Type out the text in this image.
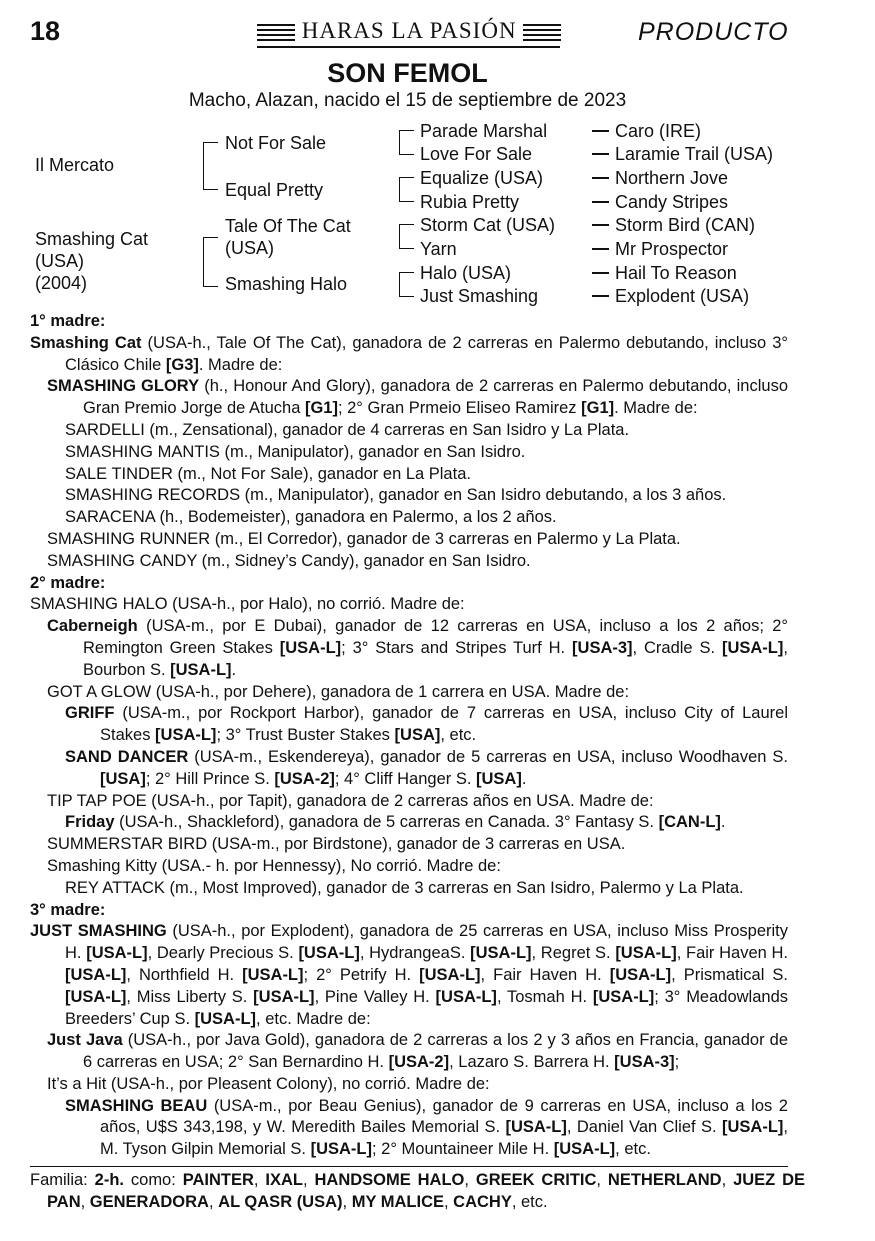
18	HARAS LA PASIÓN	PRODUCTO
SON FEMOL
Macho, Alazan, nacido el 15 de septiembre de 2023
Il Mercato
Smashing Cat
(USA)
(2004)
Not For Sale
Equal Pretty
Tale Of The Cat
(USA)
Smashing Halo
Parade Marshal
Love For Sale
Equalize (USA)
Rubia Pretty
Storm Cat (USA)
Yarn
Halo (USA)
Just Smashing
Caro (IRE)
Laramie Trail (USA)
Northern Jove
Candy Stripes
Storm Bird (CAN)
Mr Prospector
Hail To Reason
Explodent (USA)

1° madre:

Smashing Cat (USA-h., Tale Of The Cat), ganadora de 2 carreras en Palermo debutando, incluso 3° Clásico Chile [G3]. Madre de:

SMASHING GLORY (h., Honour And Glory), ganadora de 2 carreras en Palermo debutando, incluso Gran Premio Jorge de Atucha [G1]; 2° Gran Prmeio Eliseo Ramirez [G1]. Madre de:

SARDELLI (m., Zensational), ganador de 4 carreras en San Isidro y La Plata.

SMASHING MANTIS (m., Manipulator), ganador en San Isidro.

SALE TINDER (m., Not For Sale), ganador en La Plata.

SMASHING RECORDS (m., Manipulator), ganador en San Isidro debutando, a los 3 años.

SARACENA (h., Bodemeister), ganadora en Palermo, a los 2 años.

SMASHING RUNNER (m., El Corredor), ganador de 3 carreras en Palermo y La Plata.

SMASHING CANDY (m., Sidney’s Candy), ganador en San Isidro.

2° madre:

SMASHING HALO (USA-h., por Halo), no corrió. Madre de:

Caberneigh (USA-m., por E Dubai), ganador de 12 carreras en USA, incluso a los 2 años; 2° Remington Green Stakes [USA-L]; 3° Stars and Stripes Turf H. [USA-3], Cradle S. [USA-L], Bourbon S. [USA-L].

GOT A GLOW (USA-h., por Dehere), ganadora de 1 carrera en USA. Madre de:

GRIFF (USA-m., por Rockport Harbor), ganador de 7 carreras en USA, incluso City of Laurel Stakes [USA-L]; 3° Trust Buster Stakes [USA], etc.

SAND DANCER (USA-m., Eskendereya), ganador de 5 carreras en USA, incluso Woodhaven S. [USA]; 2° Hill Prince S. [USA-2]; 4° Cliff Hanger S. [USA].

TIP TAP POE (USA-h., por Tapit), ganadora de 2 carreras años en USA. Madre de:

Friday (USA-h., Shackleford), ganadora de 5 carreras en Canada. 3° Fantasy S. [CAN-L].

SUMMERSTAR BIRD (USA-m., por Birdstone), ganador de 3 carreras en USA.

Smashing Kitty (USA.- h. por Hennessy), No corrió. Madre de:

REY ATTACK (m., Most Improved), ganador de 3 carreras en San Isidro, Palermo y La Plata.

3° madre:

JUST SMASHING (USA-h., por Explodent), ganadora de 25 carreras en USA, incluso Miss Prosperity H. [USA-L], Dearly Precious S. [USA-L], HydrangeaS. [USA-L], Regret S. [USA-L], Fair Haven H. [USA-L], Northfield H. [USA-L]; 2° Petrify H. [USA-L], Fair Haven H. [USA-L], Prismatical S. [USA-L], Miss Liberty S. [USA-L], Pine Valley H. [USA-L], Tosmah H. [USA-L]; 3° Meadowlands Breeders’ Cup S. [USA-L], etc. Madre de:

Just Java (USA-h., por Java Gold), ganadora de 2 carreras a los 2 y 3 años en Francia, ganador de 6 carreras en USA; 2° San Bernardino H. [USA-2], Lazaro S. Barrera H. [USA-3];

It’s a Hit (USA-h., por Pleasent Colony), no corrió. Madre de:

SMASHING BEAU (USA-m., por Beau Genius), ganador de 9 carreras en USA, incluso a los 2 años, U$S 343,198, y W. Meredith Bailes Memorial S. [USA-L], Daniel Van Clief S. [USA-L], M. Tyson Gilpin Memorial S. [USA-L]; 2° Mountaineer Mile H. [USA-L], etc.

Familia: 2-h. como: PAINTER, IXAL, HANDSOME HALO, GREEK CRITIC, NETHERLAND, JUEZ DE PAN, GENERADORA, AL QASR (USA), MY MALICE, CACHY, etc.
